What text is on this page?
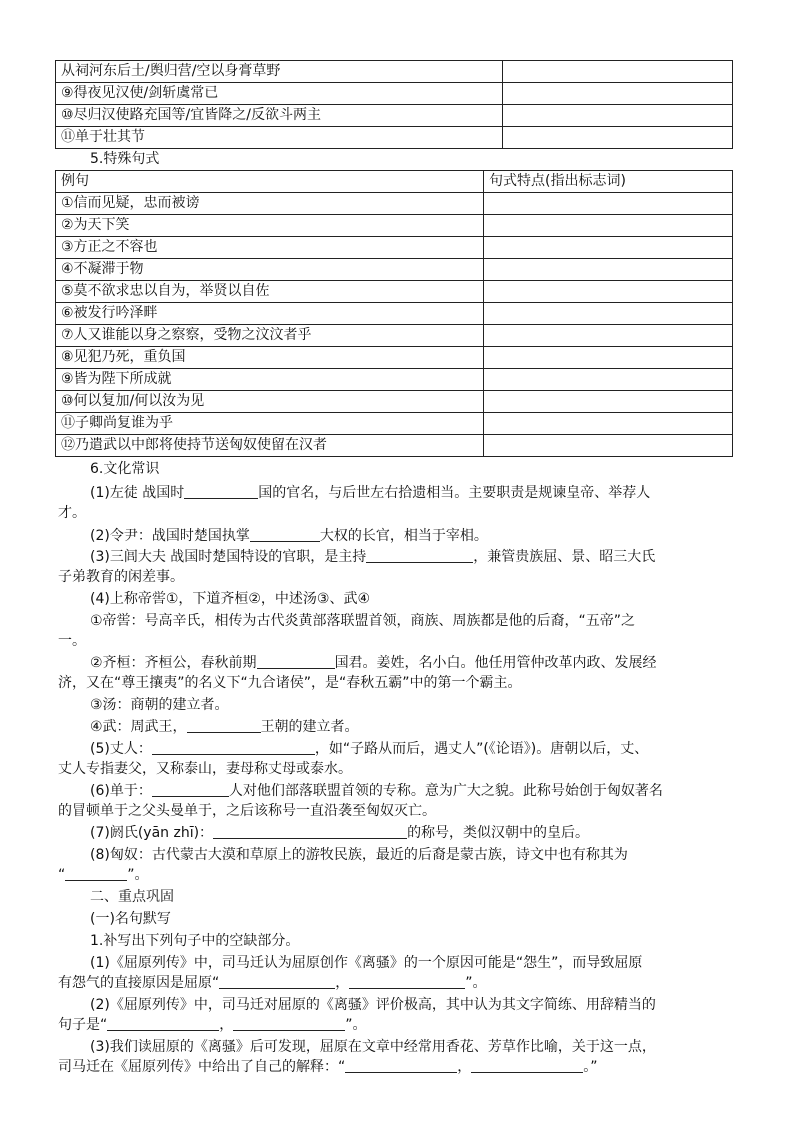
从祠河东后土/舆归营/空以身膏草野	
⑨得夜见汉使/剑斩虞常已	
⑩尽归汉使路充国等/宜皆降之/反欲斗两主	
⑪单于壮其节	
5.特殊句式
例句	句式特点(指出标志词)
①信而见疑，忠而被谤	
②为天下笑	
③方正之不容也	
④不凝滞于物	
⑤莫不欲求忠以自为，举贤以自佐	
⑥被发行吟泽畔	
⑦人又谁能以身之察察，受物之汶汶者乎	
⑧见犯乃死，重负国	
⑨皆为陛下所成就	
⑩何以复加/何以汝为见	
⑪子卿尚复谁为乎	
⑫乃遣武以中郎将使持节送匈奴使留在汉者	
6.文化常识
(1)左徒 战国时	国的官名，与后世左右拾遗相当。主要职责是规谏皇帝、举荐人
才。
(2)令尹：战国时楚国执掌	大权的长官，相当于宰相。
(3)三闾大夫 战国时楚国特设的官职，是主持	，兼管贵族屈、景、昭三大氏
子弟教育的闲差事。
(4)上称帝喾①，下道齐桓②，中述汤③、武④
①帝喾：号高辛氏，相传为古代炎黄部落联盟首领，商族、周族都是他的后裔，“五帝”之
一。
②齐桓：齐桓公，春秋前期	国君。姜姓，名小白。他任用管仲改革内政、发展经
济，又在“尊王攘夷”的名义下“九合诸侯”，是“春秋五霸”中的第一个霸主。
③汤：商朝的建立者。
④武：周武王，	王朝的建立者。
(5)丈人：	，如“子路从而后，遇丈人”(《论语》)。唐朝以后，丈、
丈人专指妻父，又称泰山，妻母称丈母或泰水。
(6)单于：	人对他们部落联盟首领的专称。意为广大之貌。此称号始创于匈奴著名
的冒顿单于之父头曼单于，之后该称号一直沿袭至匈奴灭亡。
(7)阏氏(yān zhī)：	的称号，类似汉朝中的皇后。
(8)匈奴：古代蒙古大漠和草原上的游牧民族，最近的后裔是蒙古族，诗文中也有称其为
“	”。
二、重点巩固
(一)名句默写
1.补写出下列句子中的空缺部分。
(1)《屈原列传》中，司马迁认为屈原创作《离骚》的一个原因可能是“怨生”，而导致屈原
有怨气的直接原因是屈原“	，	”。
(2)《屈原列传》中，司马迁对屈原的《离骚》评价极高，其中认为其文字简练、用辞精当的
句子是“	，	”。
(3)我们读屈原的《离骚》后可发现，屈原在文章中经常用香花、芳草作比喻，关于这一点，
司马迁在《屈原列传》中给出了自己的解释：“	，	。”
